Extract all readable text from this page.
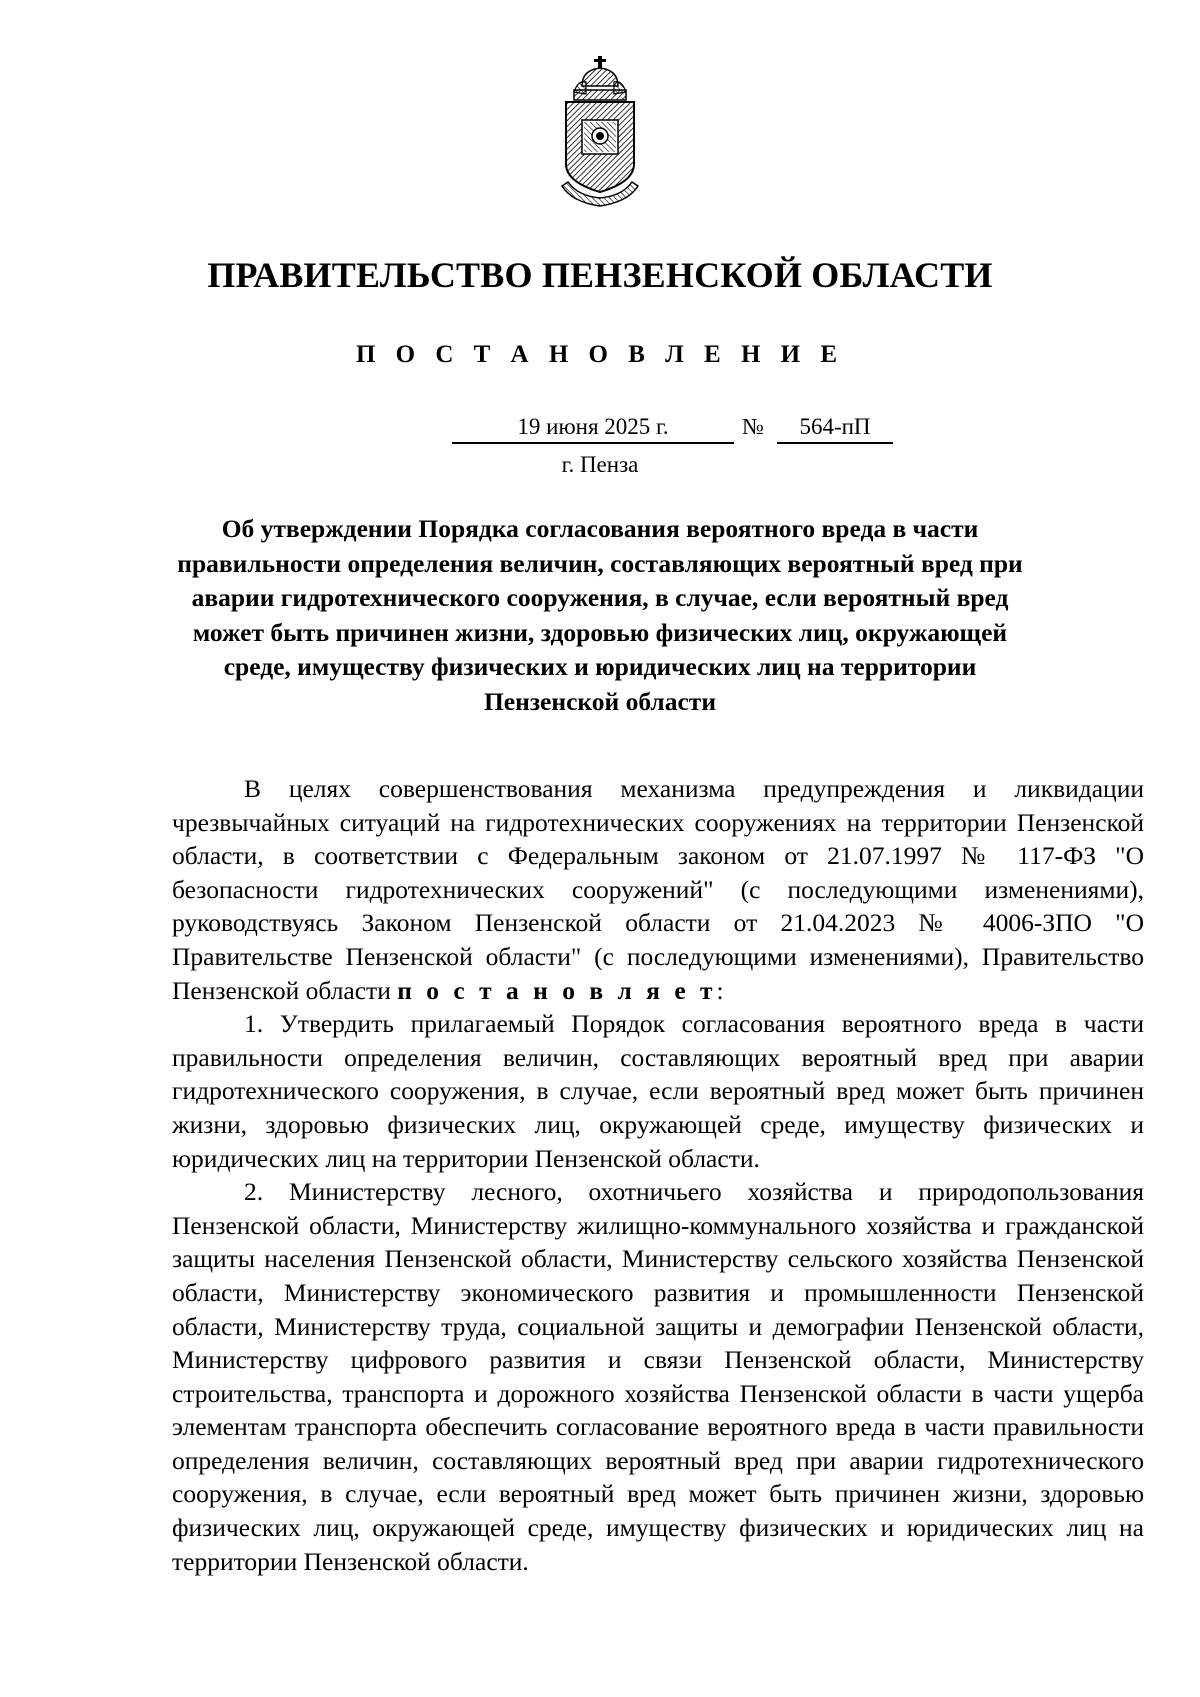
ПРАВИТЕЛЬСТВО ПЕНЗЕНСКОЙ ОБЛАСТИ
П О С Т А Н О В Л Е Н И Е
19 июня 2025 г.	№	564-пП
г. Пенза
Об утверждении Порядка согласования вероятного вреда в части правильности определения величин, составляющих вероятный вред при аварии гидротехнического сооружения, в случае, если вероятный вред может быть причинен жизни, здоровью физических лиц, окружающей среде, имуществу физических и юридических лиц на территории Пензенской области

В целях совершенствования механизма предупреждения и ликвидации чрезвычайных ситуаций на гидротехнических сооружениях на территории Пензенской области, в соответствии с Федеральным законом от 21.07.1997 № 117-ФЗ "О безопасности гидротехнических сооружений" (с последующими изменениями), руководствуясь Законом Пензенской области от 21.04.2023 № 4006-ЗПО "О Правительстве Пензенской области" (с последующими изменениями), Правительство Пензенской области п о с т а н о в л я е т:

1. Утвердить прилагаемый Порядок согласования вероятного вреда в части правильности определения величин, составляющих вероятный вред при аварии гидротехнического сооружения, в случае, если вероятный вред может быть причинен жизни, здоровью физических лиц, окружающей среде, имуществу физических и юридических лиц на территории Пензенской области.

2. Министерству лесного, охотничьего хозяйства и природопользования Пензенской области, Министерству жилищно-коммунального хозяйства и гражданской защиты населения Пензенской области, Министерству сельского хозяйства Пензенской области, Министерству экономического развития и промышленности Пензенской области, Министерству труда, социальной защиты и демографии Пензенской области, Министерству цифрового развития и связи Пензенской области, Министерству строительства, транспорта и дорожного хозяйства Пензенской области в части ущерба элементам транспорта обеспечить согласование вероятного вреда в части правильности определения величин, составляющих вероятный вред при аварии гидротехнического сооружения, в случае, если вероятный вред может быть причинен жизни, здоровью физических лиц, окружающей среде, имуществу физических и юридических лиц на территории Пензенской области.
